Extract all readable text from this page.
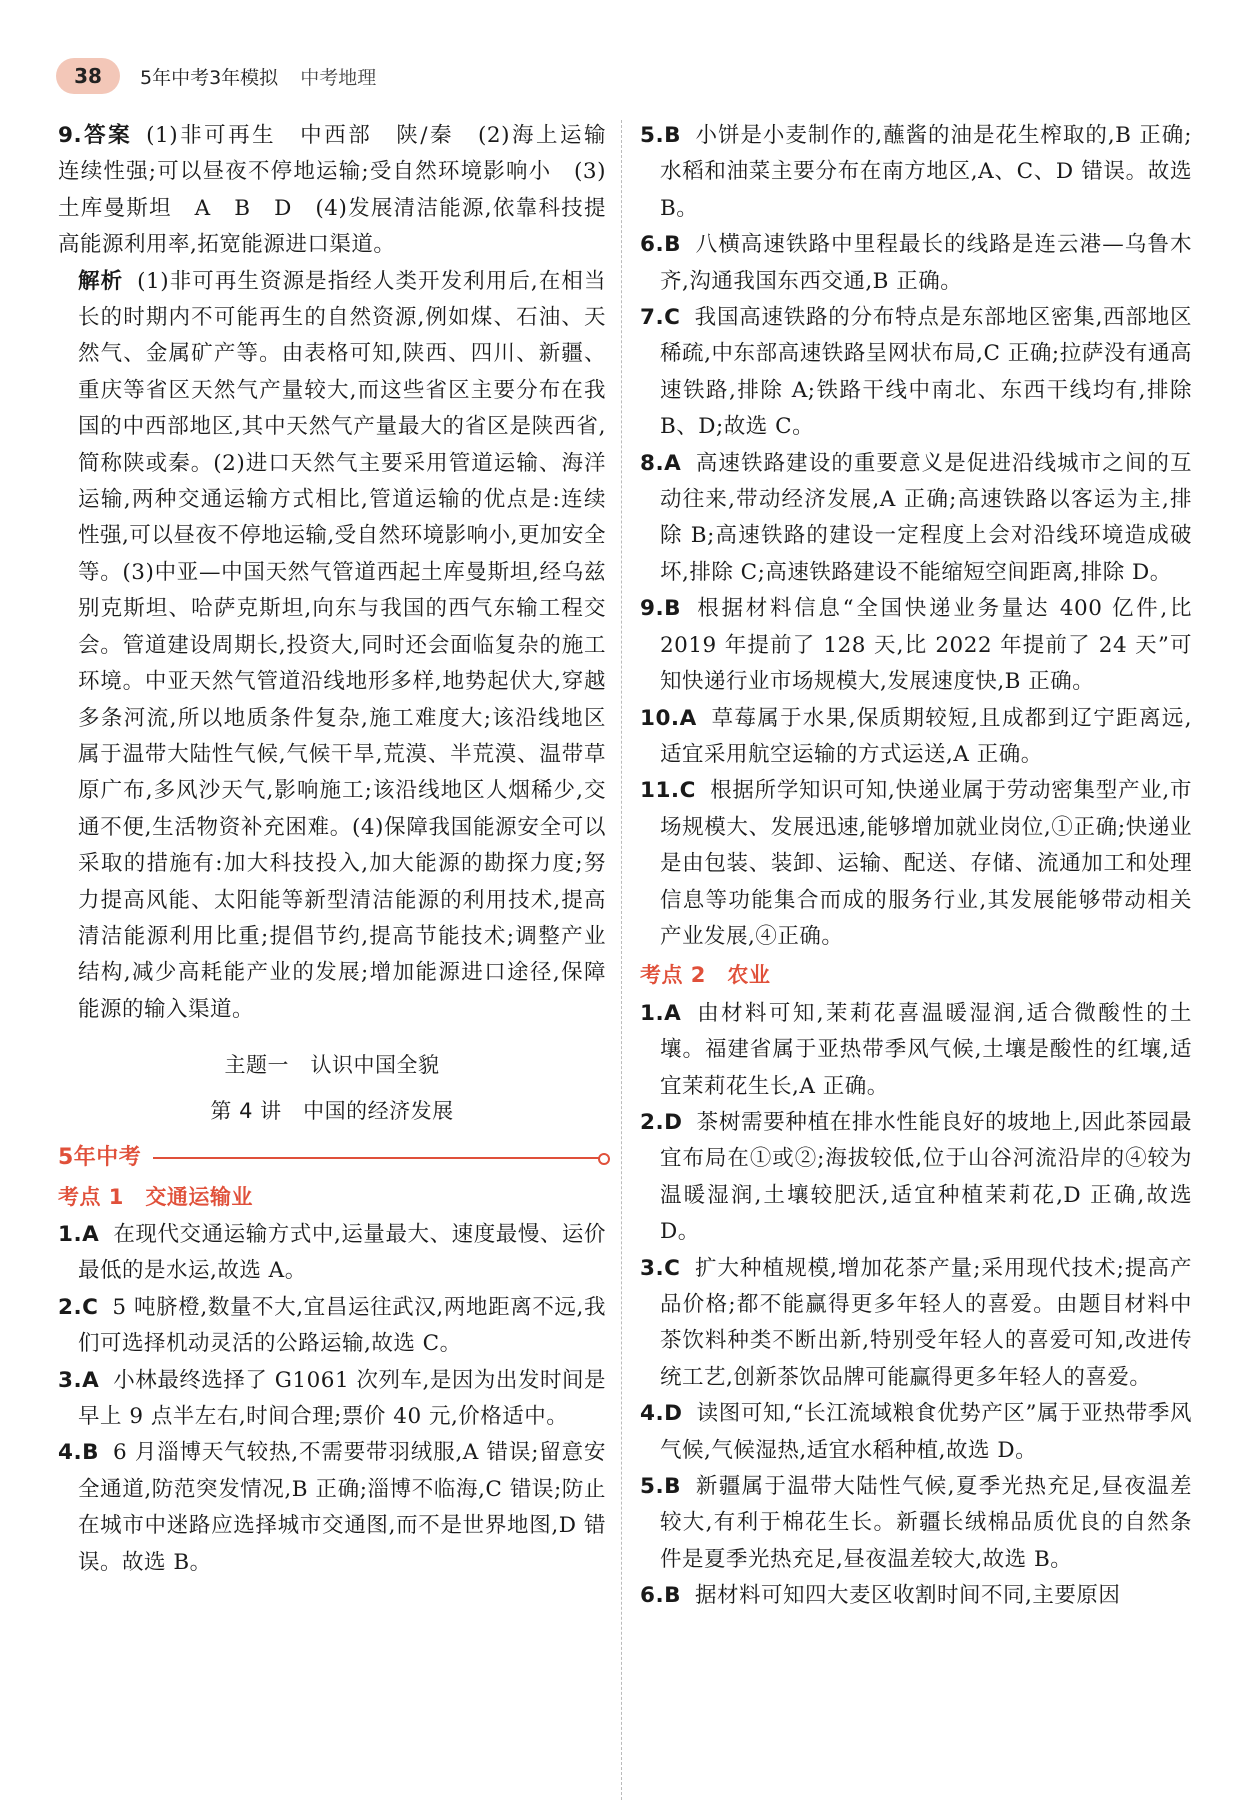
38	5年中考3年模拟 中考地理

9.答案 (1)非可再生　中西部　陕/秦　(2)海上运输　连续性强;可以昼夜不停地运输;受自然环境影响小　(3)土库曼斯坦　A　B　D　(4)发展清洁能源,依靠科技提高能源利用率,拓宽能源进口渠道。

解析 (1)非可再生资源是指经人类开发利用后,在相当长的时期内不可能再生的自然资源,例如煤、石油、天然气、金属矿产等。由表格可知,陕西、四川、新疆、重庆等省区天然气产量较大,而这些省区主要分布在我国的中西部地区,其中天然气产量最大的省区是陕西省,简称陕或秦。(2)进口天然气主要采用管道运输、海洋运输,两种交通运输方式相比,管道运输的优点是:连续性强,可以昼夜不停地运输,受自然环境影响小,更加安全等。(3)中亚—中国天然气管道西起土库曼斯坦,经乌兹别克斯坦、哈萨克斯坦,向东与我国的西气东输工程交会。管道建设周期长,投资大,同时还会面临复杂的施工环境。中亚天然气管道沿线地形多样,地势起伏大,穿越多条河流,所以地质条件复杂,施工难度大;该沿线地区属于温带大陆性气候,气候干旱,荒漠、半荒漠、温带草原广布,多风沙天气,影响施工;该沿线地区人烟稀少,交通不便,生活物资补充困难。(4)保障我国能源安全可以采取的措施有:加大科技投入,加大能源的勘探力度;努力提高风能、太阳能等新型清洁能源的利用技术,提高清洁能源利用比重;提倡节约,提高节能技术;调整产业结构,减少高耗能产业的发展;增加能源进口途径,保障能源的输入渠道。

主题一　认识中国全貌
第 4 讲　中国的经济发展
5年中考
考点 1　交通运输业

1.A 在现代交通运输方式中,运量最大、速度最慢、运价最低的是水运,故选 A。

2.C 5 吨脐橙,数量不大,宜昌运往武汉,两地距离不远,我们可选择机动灵活的公路运输,故选 C。

3.A 小林最终选择了 G1061 次列车,是因为出发时间是早上 9 点半左右,时间合理;票价 40 元,价格适中。

4.B 6 月淄博天气较热,不需要带羽绒服,A 错误;留意安全通道,防范突发情况,B 正确;淄博不临海,C 错误;防止在城市中迷路应选择城市交通图,而不是世界地图,D 错误。故选 B。

5.B 小饼是小麦制作的,蘸酱的油是花生榨取的,B 正确;水稻和油菜主要分布在南方地区,A、C、D 错误。故选 B。

6.B 八横高速铁路中里程最长的线路是连云港—乌鲁木齐,沟通我国东西交通,B 正确。

7.C 我国高速铁路的分布特点是东部地区密集,西部地区稀疏,中东部高速铁路呈网状布局,C 正确;拉萨没有通高速铁路,排除 A;铁路干线中南北、东西干线均有,排除 B、D;故选 C。

8.A 高速铁路建设的重要意义是促进沿线城市之间的互动往来,带动经济发展,A 正确;高速铁路以客运为主,排除 B;高速铁路的建设一定程度上会对沿线环境造成破坏,排除 C;高速铁路建设不能缩短空间距离,排除 D。

9.B 根据材料信息“全国快递业务量达 400 亿件,比 2019 年提前了 128 天,比 2022 年提前了 24 天”可知快递行业市场规模大,发展速度快,B 正确。

10.A 草莓属于水果,保质期较短,且成都到辽宁距离远,适宜采用航空运输的方式运送,A 正确。

11.C 根据所学知识可知,快递业属于劳动密集型产业,市场规模大、发展迅速,能够增加就业岗位,①正确;快递业是由包装、装卸、运输、配送、存储、流通加工和处理信息等功能集合而成的服务行业,其发展能够带动相关产业发展,④正确。

考点 2　农业

1.A 由材料可知,茉莉花喜温暖湿润,适合微酸性的土壤。福建省属于亚热带季风气候,土壤是酸性的红壤,适宜茉莉花生长,A 正确。

2.D 茶树需要种植在排水性能良好的坡地上,因此茶园最宜布局在①或②;海拔较低,位于山谷河流沿岸的④较为温暖湿润,土壤较肥沃,适宜种植茉莉花,D 正确,故选 D。

3.C 扩大种植规模,增加花茶产量;采用现代技术;提高产品价格;都不能赢得更多年轻人的喜爱。由题目材料中茶饮料种类不断出新,特别受年轻人的喜爱可知,改进传统工艺,创新茶饮品牌可能赢得更多年轻人的喜爱。

4.D 读图可知,“长江流域粮食优势产区”属于亚热带季风气候,气候湿热,适宜水稻种植,故选 D。

5.B 新疆属于温带大陆性气候,夏季光热充足,昼夜温差较大,有利于棉花生长。新疆长绒棉品质优良的自然条件是夏季光热充足,昼夜温差较大,故选 B。

6.B 据材料可知四大麦区收割时间不同,主要原因
